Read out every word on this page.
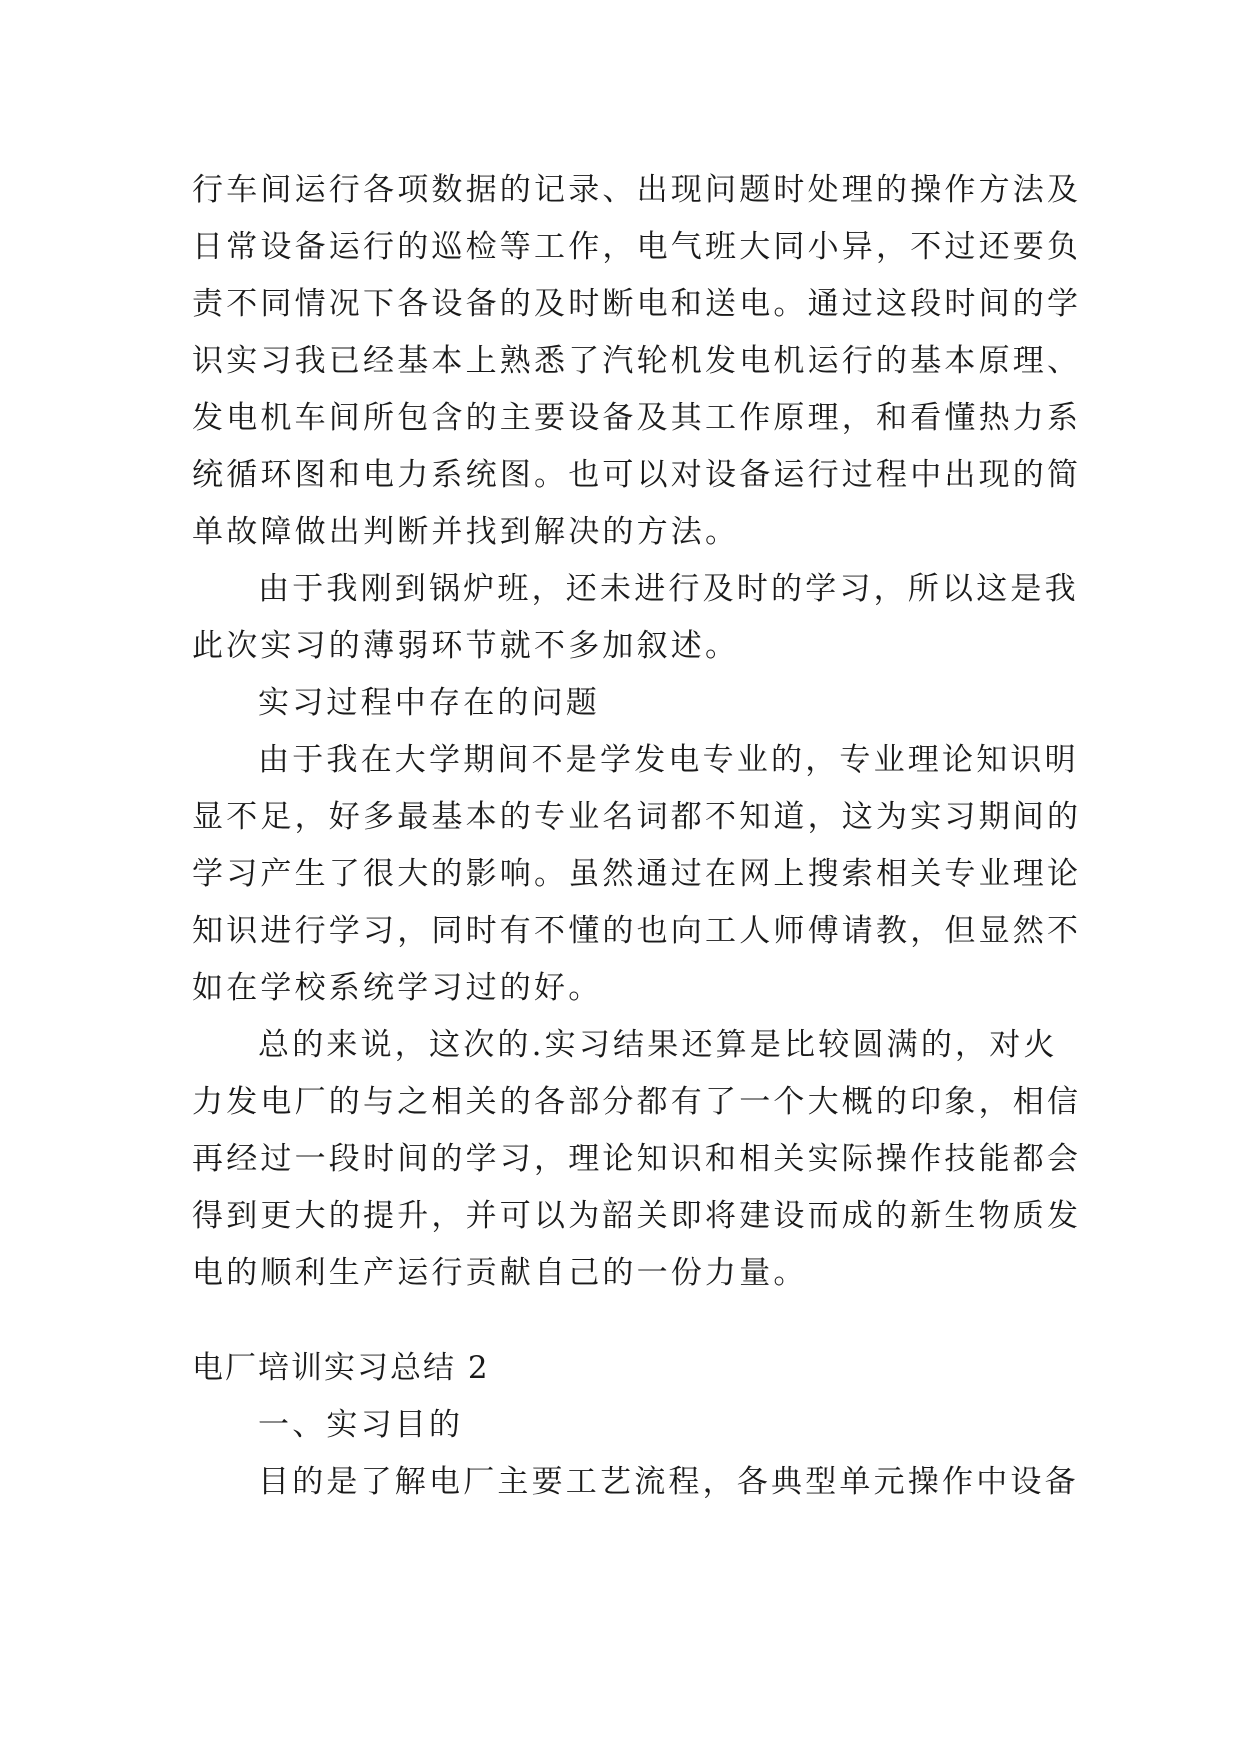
行车间运行各项数据的记录、出现问题时处理的操作方法及
日常设备运行的巡检等工作，电气班大同小异，不过还要负
责不同情况下各设备的及时断电和送电。通过这段时间的学
识实习我已经基本上熟悉了汽轮机发电机运行的基本原理、
发电机车间所包含的主要设备及其工作原理，和看懂热力系
统循环图和电力系统图。也可以对设备运行过程中出现的简
单故障做出判断并找到解决的方法。
由于我刚到锅炉班，还未进行及时的学习，所以这是我
此次实习的薄弱环节就不多加叙述。
实习过程中存在的问题
由于我在大学期间不是学发电专业的，专业理论知识明
显不足，好多最基本的专业名词都不知道，这为实习期间的
学习产生了很大的影响。虽然通过在网上搜索相关专业理论
知识进行学习，同时有不懂的也向工人师傅请教，但显然不
如在学校系统学习过的好。
总的来说，这次的.实习结果还算是比较圆满的，对火
力发电厂的与之相关的各部分都有了一个大概的印象，相信
再经过一段时间的学习，理论知识和相关实际操作技能都会
得到更大的提升，并可以为韶关即将建设而成的新生物质发
电的顺利生产运行贡献自己的一份力量。
电厂培训实习总结 2
一、实习目的
目的是了解电厂主要工艺流程，各典型单元操作中设备
